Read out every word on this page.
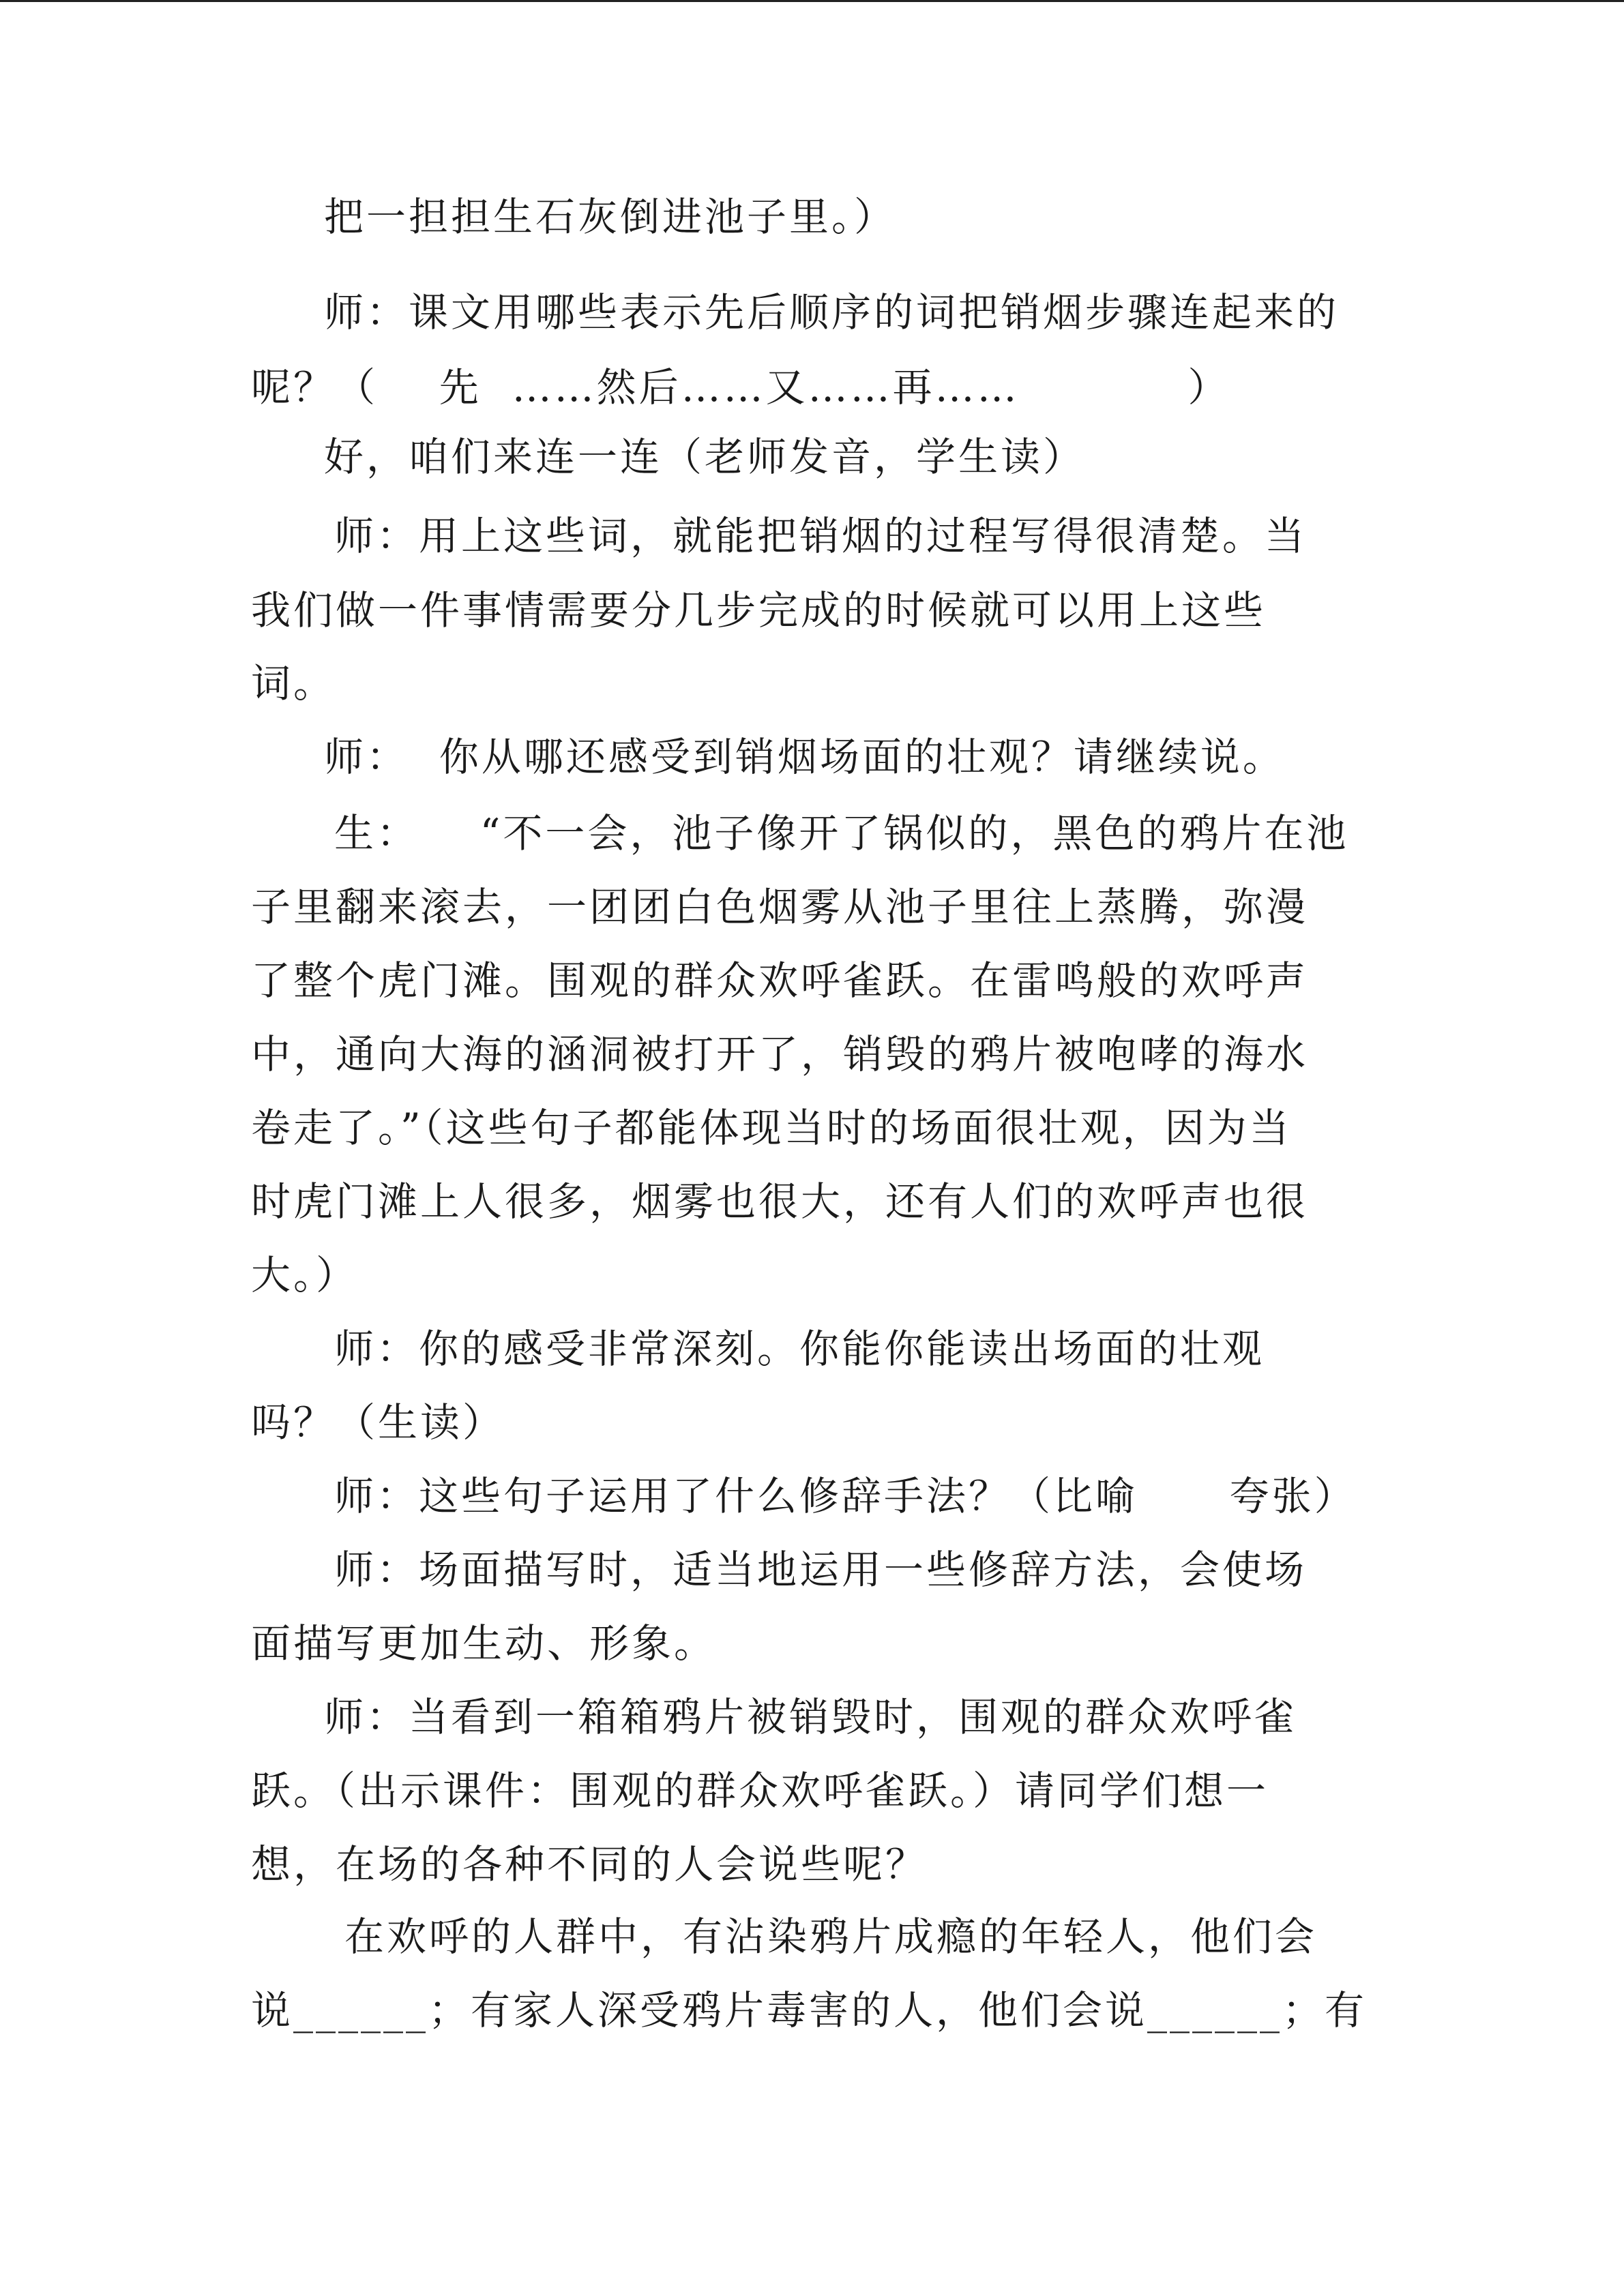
把一担担生石灰倒进池子里。）
师：课文用哪些表示先后顺序的词把销烟步骤连起来的
呢？（    先  ……然后……又……再……           ）
好，咱们来连一连（老师发音，学生读）
师：用上这些词，就能把销烟的过程写得很清楚。当
我们做一件事情需要分几步完成的时候就可以用上这些
词。
师：  你从哪还感受到销烟场面的壮观？请继续说。
生：    “不一会，池子像开了锅似的，黑色的鸦片在池
子里翻来滚去，一团团白色烟雾从池子里往上蒸腾，弥漫
了整个虎门滩。围观的群众欢呼雀跃。在雷鸣般的欢呼声
中，通向大海的涵洞被打开了，销毁的鸦片被咆哮的海水
卷走了。”（这些句子都能体现当时的场面很壮观，因为当
时虎门滩上人很多，烟雾也很大，还有人们的欢呼声也很
大。）
师：你的感受非常深刻。你能你能读出场面的壮观
吗？（生读）
师：这些句子运用了什么修辞手法？（比喻      夸张）
师：场面描写时，适当地运用一些修辞方法，会使场
面描写更加生动、形象。
师：当看到一箱箱鸦片被销毁时，围观的群众欢呼雀
跃。（出示课件：围观的群众欢呼雀跃。）请同学们想一
想，在场的各种不同的人会说些呢？
在欢呼的人群中，有沾染鸦片成瘾的年轻人，他们会
说______；有家人深受鸦片毒害的人，他们会说______；有
